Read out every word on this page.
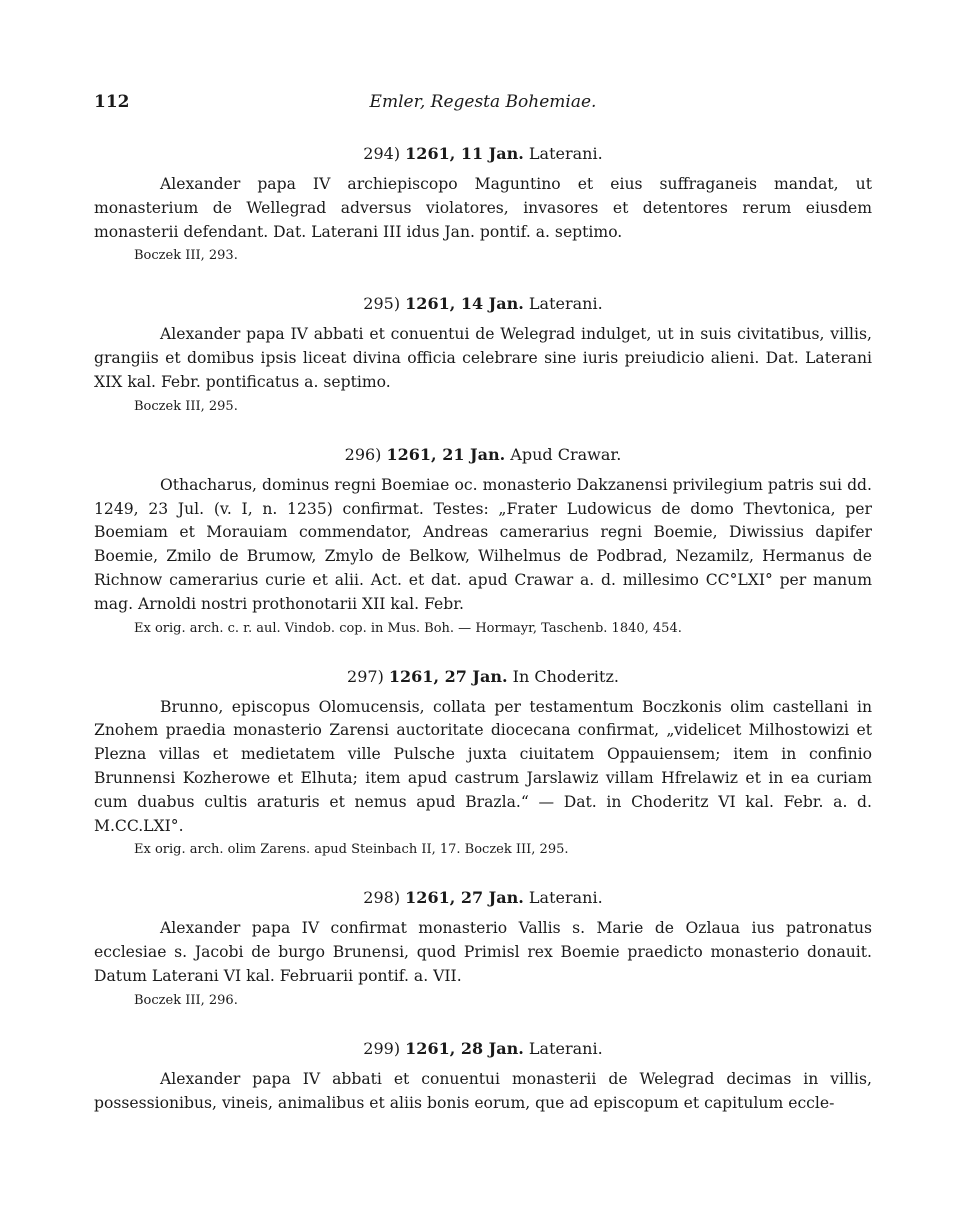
112	Emler, Regesta Bohemiae.

294) 1261, 11 Jan. Laterani.

Alexander papa IV archiepiscopo Maguntino et eius suffraganeis mandat, ut monasterium de Wellegrad adversus violatores, invasores et detentores rerum eiusdem monasterii defendant. Dat. Laterani III idus Jan. pontif. a. septimo.

Boczek III, 293.

295) 1261, 14 Jan. Laterani.

Alexander papa IV abbati et conuentui de Welegrad indulget, ut in suis civitatibus, villis, grangiis et domibus ipsis liceat divina officia celebrare sine iuris preiudicio alieni. Dat. Laterani XIX kal. Febr. pontificatus a. septimo.

Boczek III, 295.

296) 1261, 21 Jan. Apud Crawar.

Othacharus, dominus regni Boemiae oc. monasterio Dakzanensi privilegium patris sui dd. 1249, 23 Jul. (v. I, n. 1235) confirmat. Testes: „Frater Ludowicus de domo Thevtonica, per Boemiam et Morauiam commendator, Andreas camerarius regni Boemie, Diwissius dapifer Boemie, Zmilo de Brumow, Zmylo de Belkow, Wilhelmus de Podbrad, Nezamilz, Hermanus de Richnow camerarius curie et alii. Act. et dat. apud Crawar a. d. millesimo CC°LXI° per manum mag. Arnoldi nostri prothonotarii XII kal. Febr.

Ex orig. arch. c. r. aul. Vindob. cop. in Mus. Boh. — Hormayr, Taschenb. 1840, 454.

297) 1261, 27 Jan. In Choderitz.

Brunno, episcopus Olomucensis, collata per testamentum Boczkonis olim castellani in Znohem praedia monasterio Zarensi auctoritate diocecana confirmat, „videlicet Milhostowizi et Plezna villas et medietatem ville Pulsche juxta ciuitatem Oppauiensem; item in confinio Brunnensi Kozherowe et Elhuta; item apud castrum Jarslawiz villam Hfrelawiz et in ea curiam cum duabus cultis araturis et nemus apud Brazla.“ — Dat. in Choderitz VI kal. Febr. a. d. M.CC.LXI°.

Ex orig. arch. olim Zarens. apud Steinbach II, 17. Boczek III, 295.

298) 1261, 27 Jan. Laterani.

Alexander papa IV confirmat monasterio Vallis s. Marie de Ozlaua ius patronatus ecclesiae s. Jacobi de burgo Brunensi, quod Primisl rex Boemie praedicto monasterio donauit. Datum Laterani VI kal. Februarii pontif. a. VII.

Boczek III, 296.

299) 1261, 28 Jan. Laterani.

Alexander papa IV abbati et conuentui monasterii de Welegrad decimas in villis, possessionibus, vineis, animalibus et aliis bonis eorum, que ad episcopum et capitulum eccle-
